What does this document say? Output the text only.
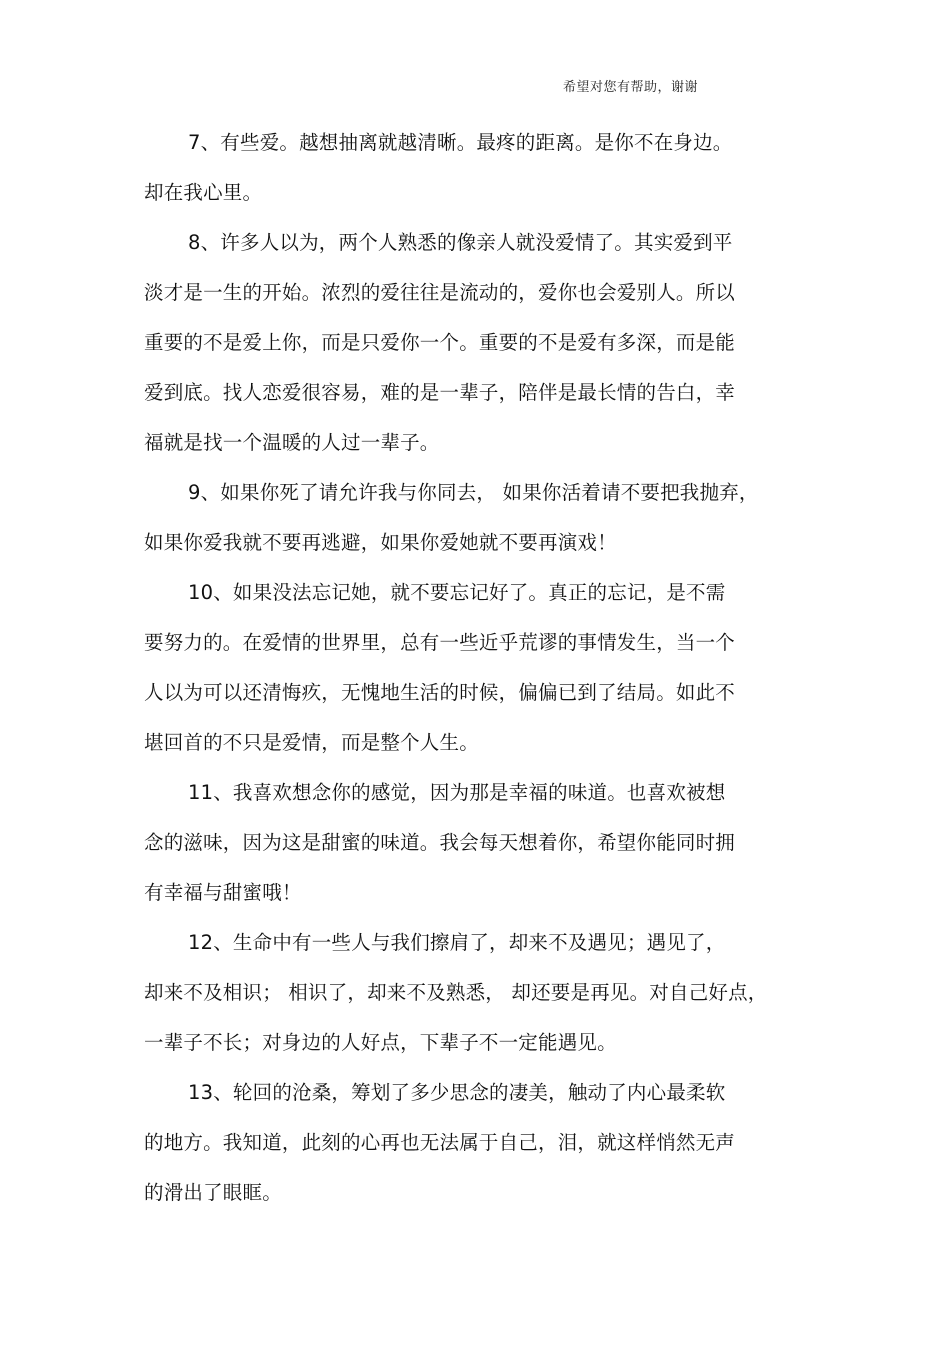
希望对您有帮助，谢谢
7、有些爱。越想抽离就越清晰。最疼的距离。是你不在身边。
却在我心里。
8、许多人以为，两个人熟悉的像亲人就没爱情了。其实爱到平
淡才是一生的开始。浓烈的爱往往是流动的，爱你也会爱别人。所以
重要的不是爱上你，而是只爱你一个。重要的不是爱有多深，而是能
爱到底。找人恋爱很容易，难的是一辈子，陪伴是最长情的告白，幸
福就是找一个温暖的人过一辈子。
9、如果你死了请允许我与你同去， 如果你活着请不要把我抛弃，
如果你爱我就不要再逃避，如果你爱她就不要再演戏！
10、如果没法忘记她，就不要忘记好了。真正的忘记，是不需
要努力的。在爱情的世界里，总有一些近乎荒谬的事情发生，当一个
人以为可以还清悔疚，无愧地生活的时候，偏偏已到了结局。如此不
堪回首的不只是爱情，而是整个人生。
11、我喜欢想念你的感觉，因为那是幸福的味道。也喜欢被想
念的滋味，因为这是甜蜜的味道。我会每天想着你，希望你能同时拥
有幸福与甜蜜哦！
12、生命中有一些人与我们擦肩了，却来不及遇见；遇见了，
却来不及相识； 相识了，却来不及熟悉， 却还要是再见。对自己好点，
一辈子不长；对身边的人好点，下辈子不一定能遇见。
13、轮回的沧桑，筹划了多少思念的凄美，触动了内心最柔软
的地方。我知道，此刻的心再也无法属于自己，泪，就这样悄然无声
的滑出了眼眶。
